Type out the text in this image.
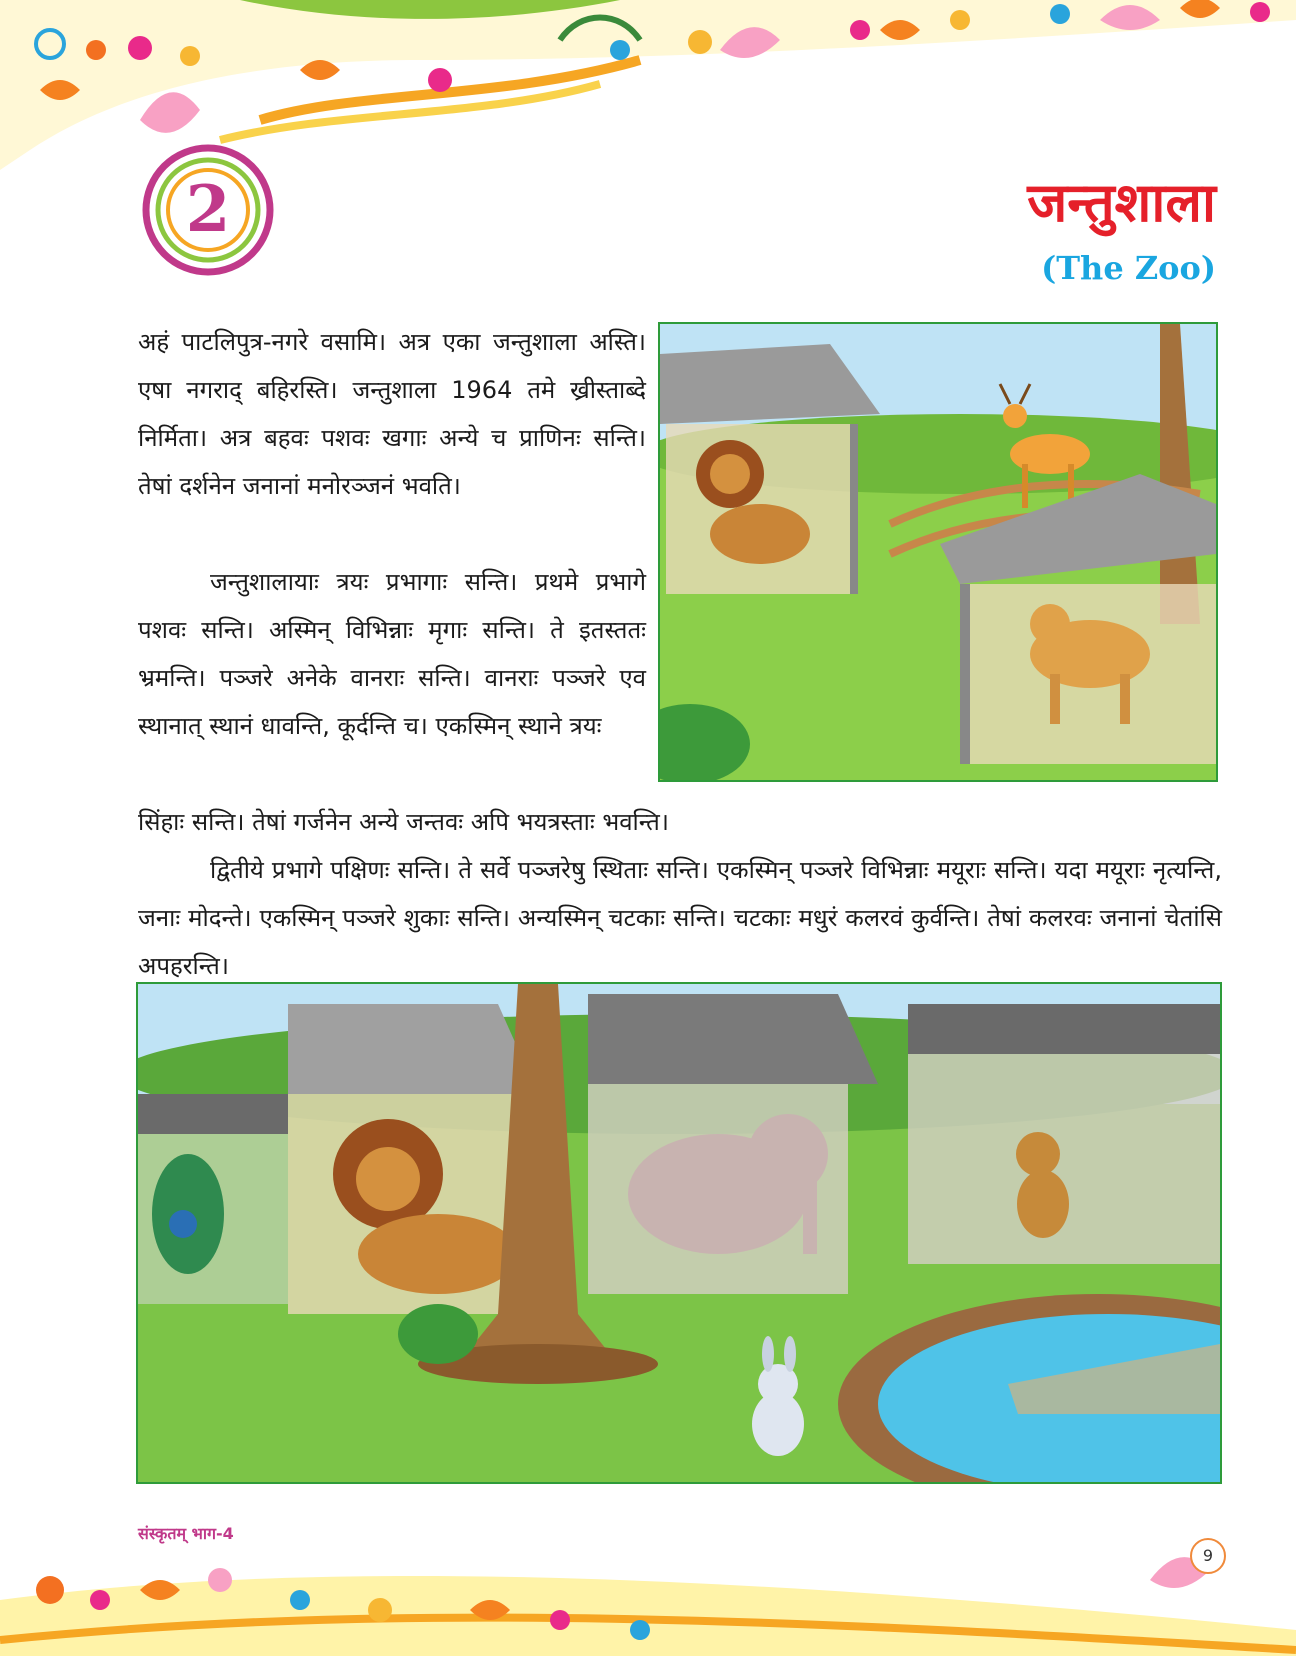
2	जन्तुशाला
(The Zoo)

अहं पाटलिपुत्र-नगरे वसामि। अत्र एका जन्तुशाला अस्ति। एषा नगराद् बहिरस्ति। जन्तुशाला 1964 तमे ख्रीस्ताब्दे निर्मिता। अत्र बहवः पशवः खगाः अन्ये च प्राणिनः सन्ति। तेषां दर्शनेन जनानां मनोरञ्जनं भवति।

जन्तुशालायाः त्रयः प्रभागाः सन्ति। प्रथमे प्रभागे पशवः सन्ति। अस्मिन् विभिन्नाः मृगाः सन्ति। ते इतस्ततः भ्रमन्ति। पञ्जरे अनेके वानराः सन्ति। वानराः पञ्जरे एव स्थानात् स्थानं धावन्ति, कूर्दन्ति च। एकस्मिन् स्थाने त्रयः

सिंहाः सन्ति। तेषां गर्जनेन अन्ये जन्तवः अपि भयत्रस्ताः भवन्ति।

द्वितीये प्रभागे पक्षिणः सन्ति। ते सर्वे पञ्जरेषु स्थिताः सन्ति। एकस्मिन् पञ्जरे विभिन्नाः मयूराः सन्ति। यदा मयूराः नृत्यन्ति, जनाः मोदन्ते। एकस्मिन् पञ्जरे शुकाः सन्ति। अन्यस्मिन् चटकाः सन्ति। चटकाः मधुरं कलरवं कुर्वन्ति। तेषां कलरवः जनानां चेतांसि अपहरन्ति।

संस्कृतम् भाग-4
9
